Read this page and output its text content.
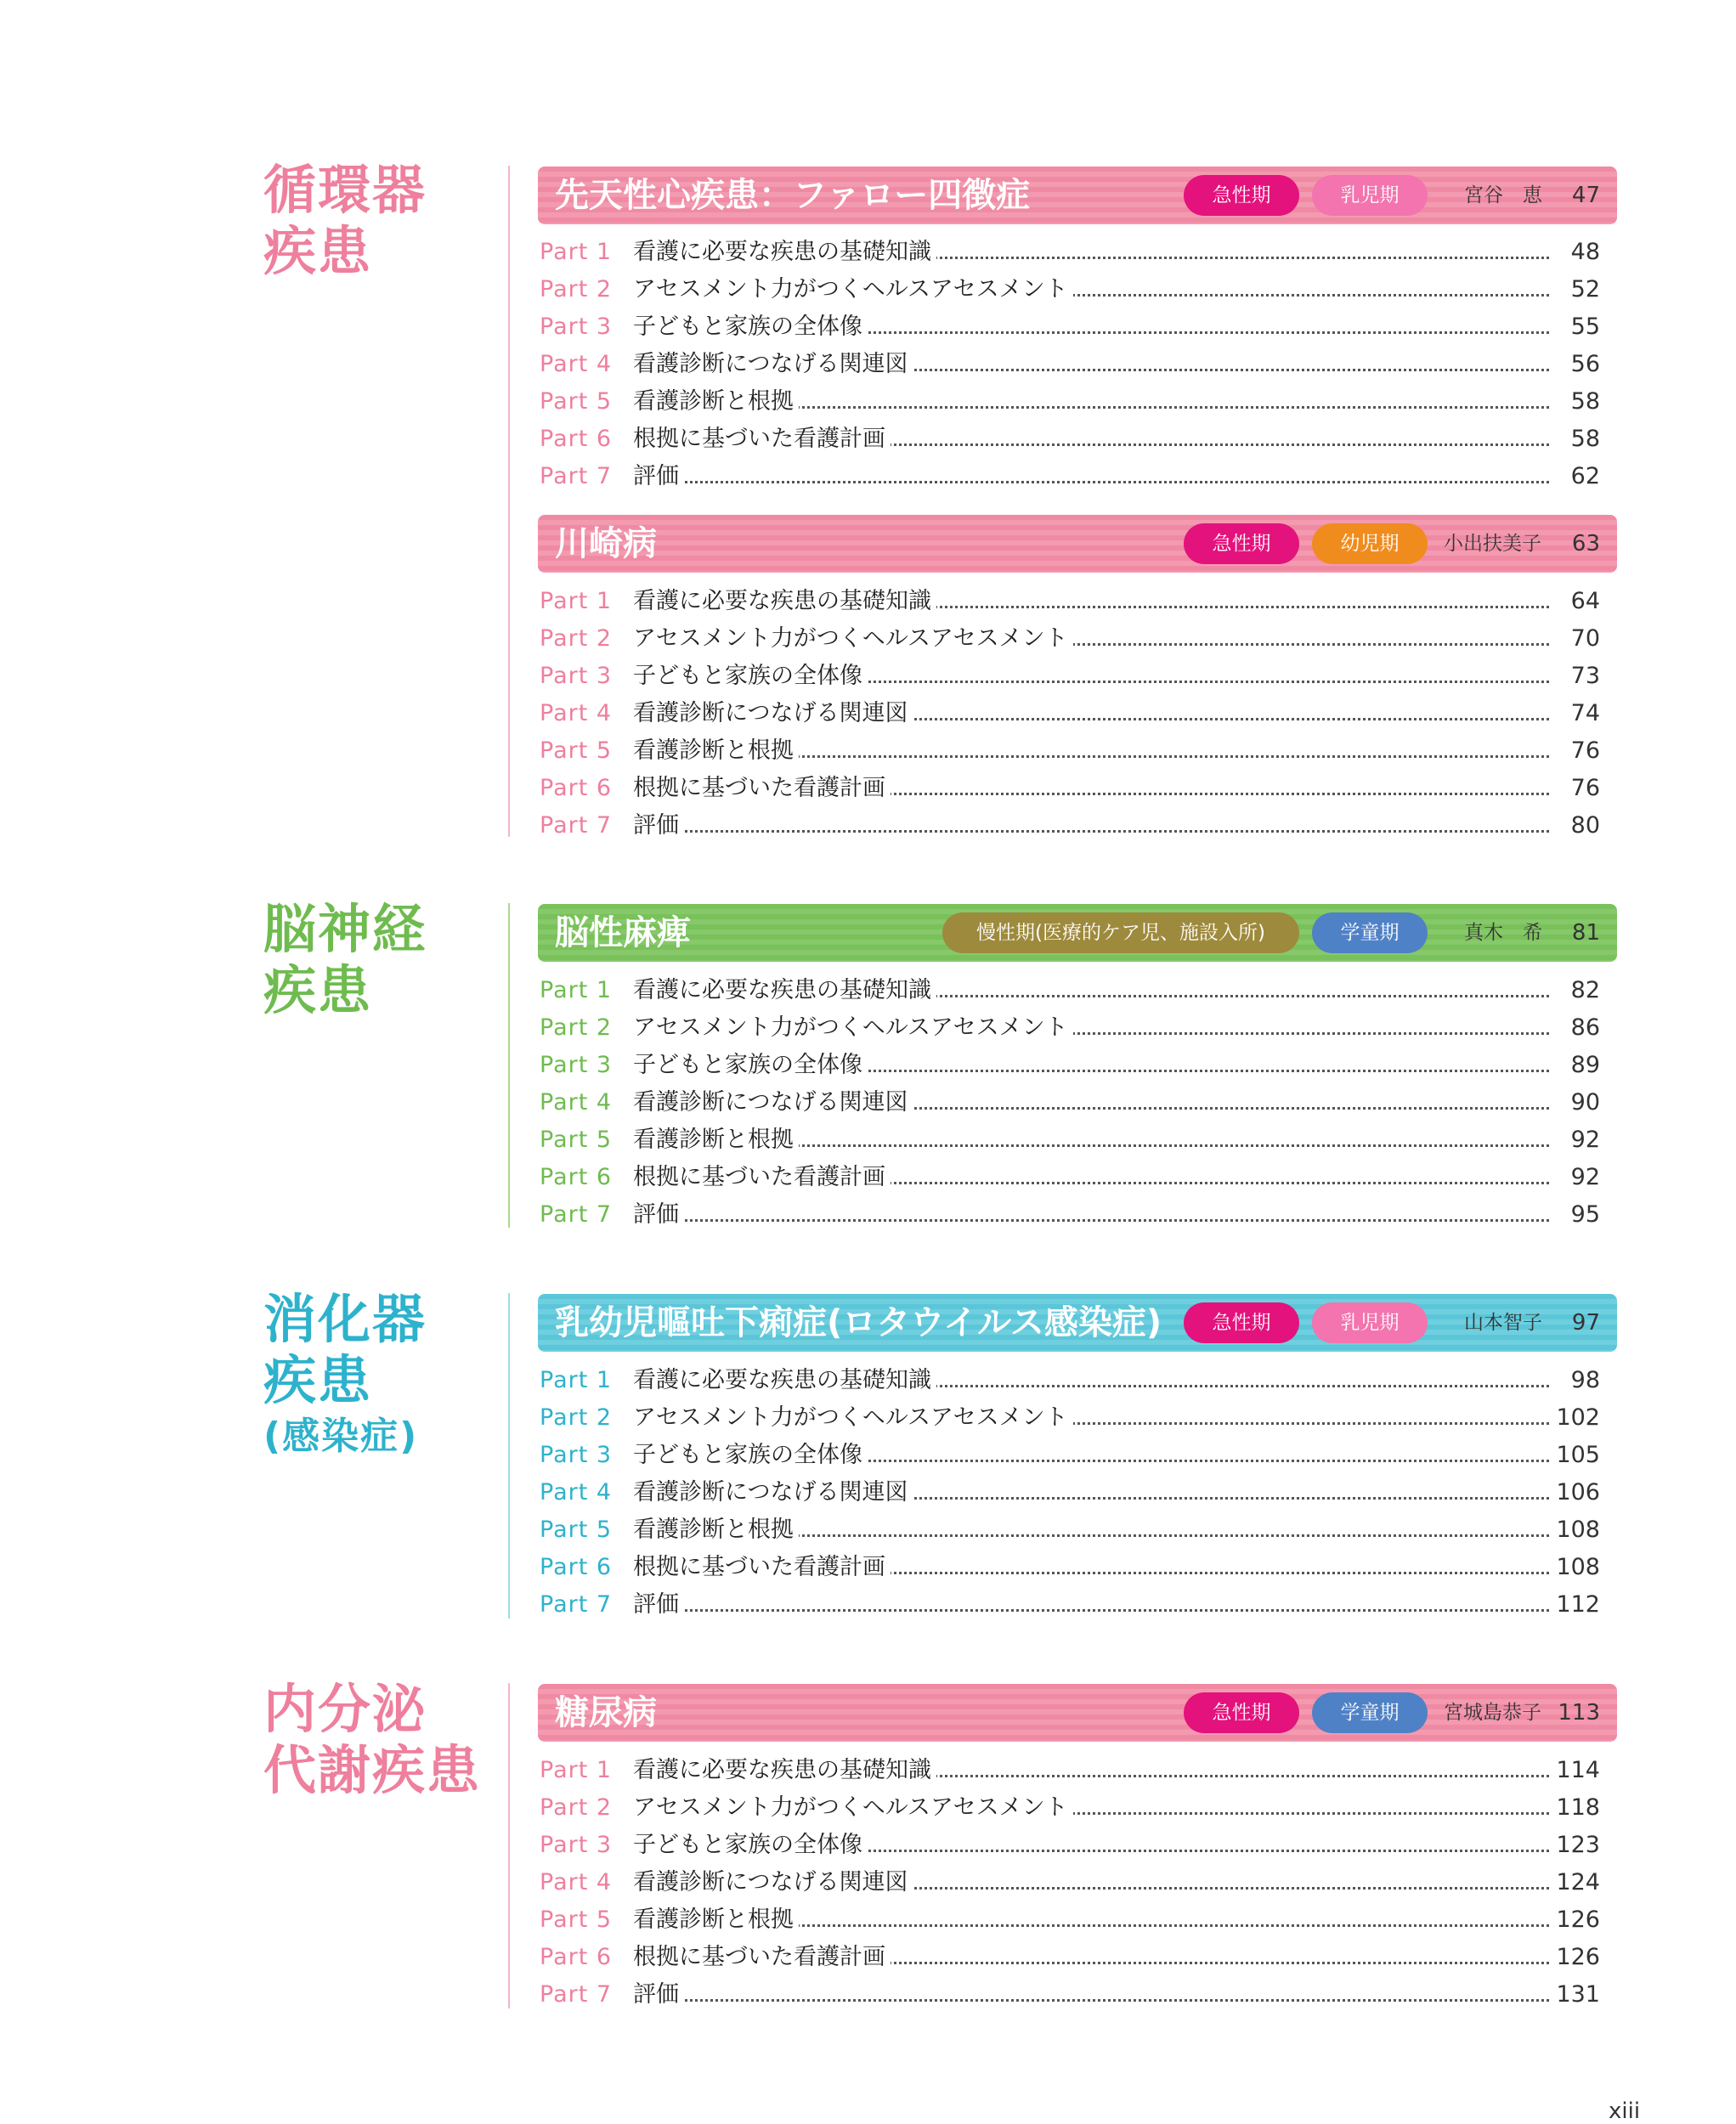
循環器
疾患
先天性心疾患：ファロー四徴症	急性期	乳児期	宮谷　恵 47
Part 1 看護に必要な疾患の基礎知識	48
Part 2 アセスメント力がつくヘルスアセスメント	52
Part 3 子どもと家族の全体像	55
Part 4 看護診断につなげる関連図	56
Part 5 看護診断と根拠	58
Part 6 根拠に基づいた看護計画	58
Part 7 評価	62
川崎病	急性期	幼児期	小出扶美子 63
Part 1 看護に必要な疾患の基礎知識	64
Part 2 アセスメント力がつくヘルスアセスメント	70
Part 3 子どもと家族の全体像	73
Part 4 看護診断につなげる関連図	74
Part 5 看護診断と根拠	76
Part 6 根拠に基づいた看護計画	76
Part 7 評価	80
脳神経
疾患
脳性麻痺	慢性期(医療的ケア児、施設入所)	学童期	真木　希 81
Part 1 看護に必要な疾患の基礎知識	82
Part 2 アセスメント力がつくヘルスアセスメント	86
Part 3 子どもと家族の全体像	89
Part 4 看護診断につなげる関連図	90
Part 5 看護診断と根拠	92
Part 6 根拠に基づいた看護計画	92
Part 7 評価	95
消化器
疾患
(感染症)
乳幼児嘔吐下痢症(ロタウイルス感染症)	急性期	乳児期	山本智子 97
Part 1 看護に必要な疾患の基礎知識	98
Part 2 アセスメント力がつくヘルスアセスメント	102
Part 3 子どもと家族の全体像	105
Part 4 看護診断につなげる関連図	106
Part 5 看護診断と根拠	108
Part 6 根拠に基づいた看護計画	108
Part 7 評価	112
内分泌
代謝疾患
糖尿病	急性期	学童期	宮城島恭子 113
Part 1 看護に必要な疾患の基礎知識	114
Part 2 アセスメント力がつくヘルスアセスメント	118
Part 3 子どもと家族の全体像	123
Part 4 看護診断につなげる関連図	124
Part 5 看護診断と根拠	126
Part 6 根拠に基づいた看護計画	126
Part 7 評価	131
xiii
